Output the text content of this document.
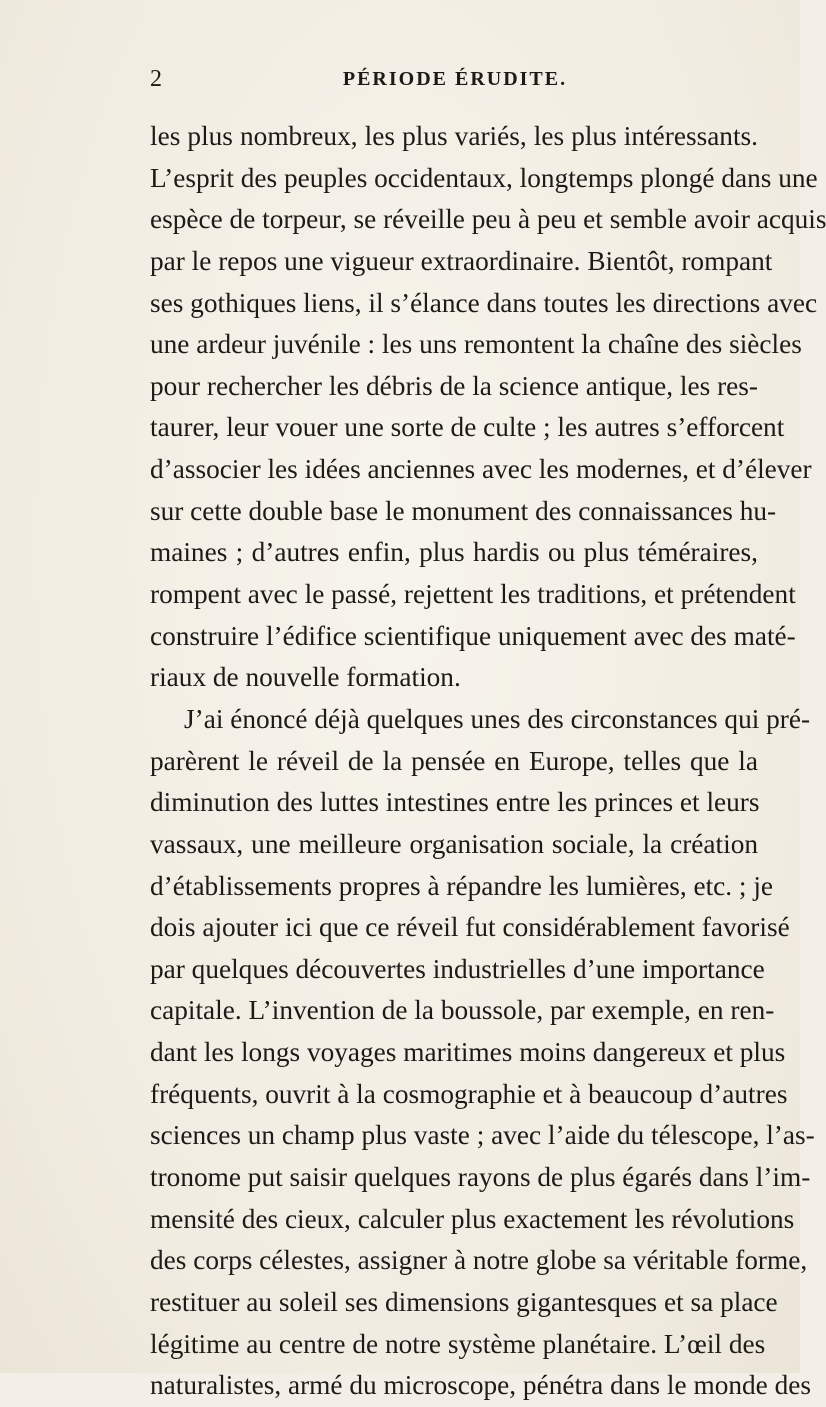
2	PÉRIODE ÉRUDITE.
les plus nombreux, les plus variés, les plus intéressants.
L’esprit des peuples occidentaux, longtemps plongé dans une
espèce de torpeur, se réveille peu à peu et semble avoir acquis
par le repos une vigueur extraordinaire. Bientôt, rompant
ses gothiques liens, il s’élance dans toutes les directions avec
une ardeur juvénile : les uns remontent la chaîne des siècles
pour rechercher les débris de la science antique, les res-
taurer, leur vouer une sorte de culte ; les autres s’efforcent
d’associer les idées anciennes avec les modernes, et d’élever
sur cette double base le monument des connaissances hu-
maines ; d’autres enfin, plus hardis ou plus téméraires,
rompent avec le passé, rejettent les traditions, et prétendent
construire l’édifice scientifique uniquement avec des maté-
riaux de nouvelle formation.
J’ai énoncé déjà quelques unes des circonstances qui pré-
parèrent le réveil de la pensée en Europe, telles que la
diminution des luttes intestines entre les princes et leurs
vassaux, une meilleure organisation sociale, la création
d’établissements propres à répandre les lumières, etc. ; je
dois ajouter ici que ce réveil fut considérablement favorisé
par quelques découvertes industrielles d’une importance
capitale. L’invention de la boussole, par exemple, en ren-
dant les longs voyages maritimes moins dangereux et plus
fréquents, ouvrit à la cosmographie et à beaucoup d’autres
sciences un champ plus vaste ; avec l’aide du télescope, l’as-
tronome put saisir quelques rayons de plus égarés dans l’im-
mensité des cieux, calculer plus exactement les révolutions
des corps célestes, assigner à notre globe sa véritable forme,
restituer au soleil ses dimensions gigantesques et sa place
légitime au centre de notre système planétaire. L’œil des
naturalistes, armé du microscope, pénétra dans le monde des
